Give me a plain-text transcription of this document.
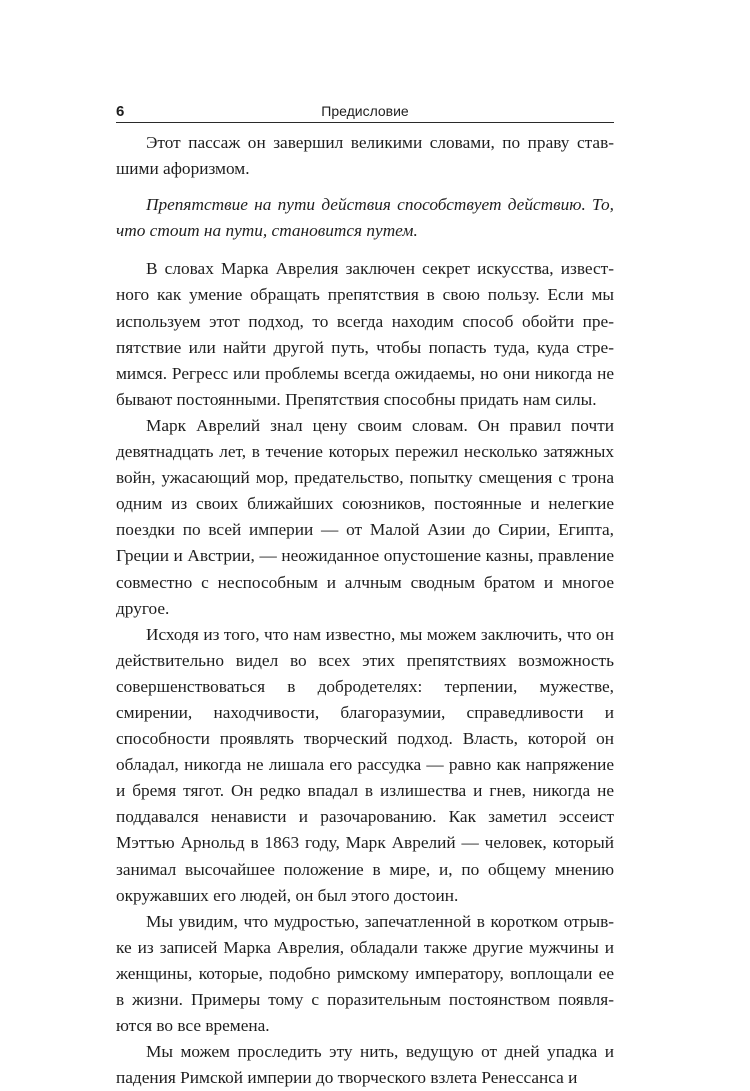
6	Предисловие

Этот пассаж он завершил великими словами, по праву ставшими афоризмом.

Препятствие на пути действия способствует действию. То, что стоит на пути, становится путем.

В словах Марка Аврелия заключен секрет искусства, известного как умение обращать препятствия в свою пользу. Если мы используем этот подход, то всегда находим способ обойти препятствие или найти другой путь, чтобы попасть туда, куда стремимся. Регресс или проблемы всегда ожидаемы, но они никогда не бывают постоянными. Препятствия способны придать нам силы.

Марк Аврелий знал цену своим словам. Он правил почти девятнадцать лет, в течение которых пережил несколько затяжных войн, ужасающий мор, предательство, попытку смещения с трона одним из своих ближайших союзников, постоянные и нелегкие поездки по всей империи — от Малой Азии до Сирии, Египта, Греции и Австрии, — неожиданное опустошение казны, правление совместно с неспособным и алчным сводным братом и многое другое.

Исходя из того, что нам известно, мы можем заключить, что он действительно видел во всех этих препятствиях возможность совершенствоваться в добродетелях: терпении, мужестве, смирении, находчивости, благоразумии, справедливости и способности проявлять творческий подход. Власть, которой он обладал, никогда не лишала его рассудка — равно как напряжение и бремя тягот. Он редко впадал в излишества и гнев, никогда не поддавался ненависти и разочарованию. Как заметил эссеист Мэттью Арнольд в 1863 году, Марк Аврелий — человек, который занимал высочайшее положение в мире, и, по общему мнению окружавших его людей, он был этого достоин.

Мы увидим, что мудростью, запечатленной в коротком отрывке из записей Марка Аврелия, обладали также другие мужчины и женщины, которые, подобно римскому императору, воплощали ее в жизни. Примеры тому с поразительным постоянством появляются во все времена.

Мы можем проследить эту нить, ведущую от дней упадка и падения Римской империи до творческого взлета Ренессанса и
